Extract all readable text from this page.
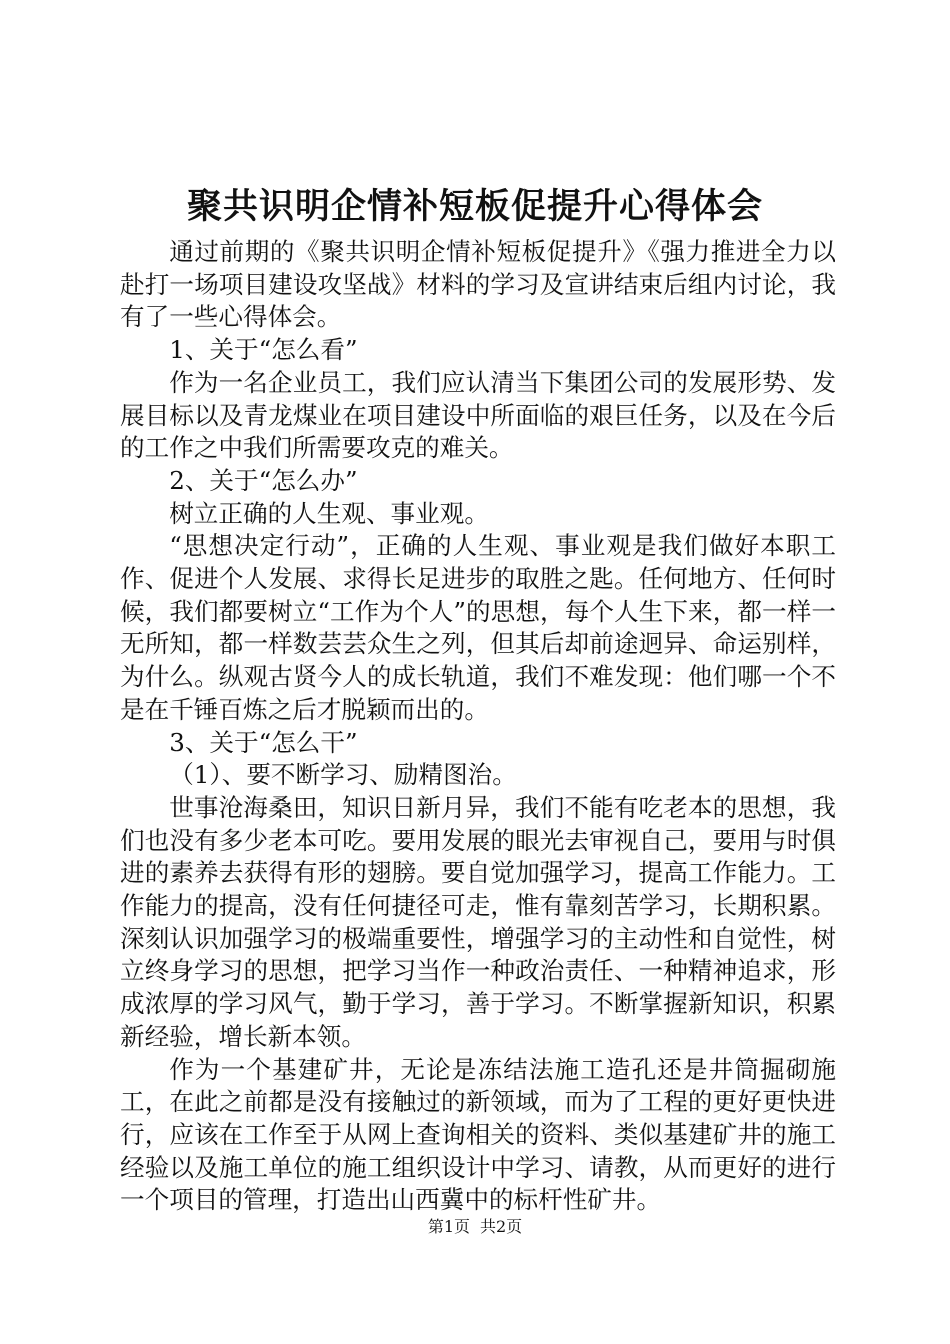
聚共识明企情补短板促提升心得体会

通过前期的《聚共识明企情补短板促提升》《强力推进全力以赴打一场项目建设攻坚战》材料的学习及宣讲结束后组内讨论，我有了一些心得体会。

1、关于“怎么看”

作为一名企业员工，我们应认清当下集团公司的发展形势、发展目标以及青龙煤业在项目建设中所面临的艰巨任务，以及在今后的工作之中我们所需要攻克的难关。

2、关于“怎么办”

树立正确的人生观、事业观。

“思想决定行动”，正确的人生观、事业观是我们做好本职工作、促进个人发展、求得长足进步的取胜之匙。任何地方、任何时候，我们都要树立“工作为个人”的思想，每个人生下来，都一样一无所知，都一样数芸芸众生之列，但其后却前途迥异、命运别样，为什么。纵观古贤今人的成长轨道，我们不难发现：他们哪一个不是在千锤百炼之后才脱颖而出的。

3、关于“怎么干”

（1）、要不断学习、励精图治。

世事沧海桑田，知识日新月异，我们不能有吃老本的思想，我们也没有多少老本可吃。要用发展的眼光去审视自己，要用与时俱进的素养去获得有形的翅膀。要自觉加强学习，提高工作能力。工作能力的提高，没有任何捷径可走，惟有靠刻苦学习，长期积累。深刻认识加强学习的极端重要性，增强学习的主动性和自觉性，树立终身学习的思想，把学习当作一种政治责任、一种精神追求，形成浓厚的学习风气，勤于学习，善于学习。不断掌握新知识，积累新经验，增长新本领。

作为一个基建矿井，无论是冻结法施工造孔还是井筒掘砌施工，在此之前都是没有接触过的新领域，而为了工程的更好更快进行，应该在工作至于从网上查询相关的资料、类似基建矿井的施工经验以及施工单位的施工组织设计中学习、请教，从而更好的进行一个项目的管理，打造出山西冀中的标杆性矿井。

第1页 共2页
